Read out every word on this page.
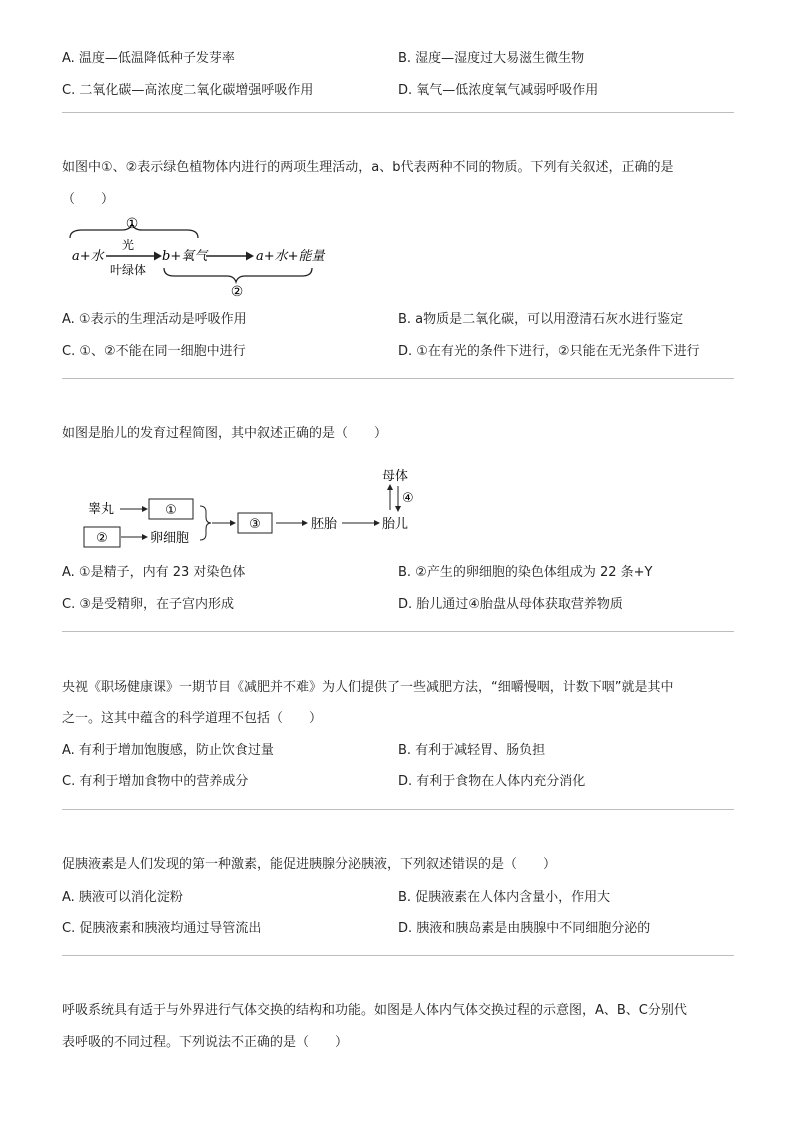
A. 温度—低温降低种子发芽率	B. 湿度—湿度过大易滋生微生物
C. 二氧化碳—高浓度二氧化碳增强呼吸作用	D. 氧气—低浓度氧气减弱呼吸作用
如图中①、②表示绿色植物体内进行的两项生理活动，a、b代表两种不同的物质。下列有关叙述，正确的是
（　　）
①
a+水
光
叶绿体
b+氧气	a+水+能量
②
A. ①表示的生理活动是呼吸作用	B. a物质是二氧化碳，可以用澄清石灰水进行鉴定
C. ①、②不能在同一细胞中进行	D. ①在有光的条件下进行，②只能在无光条件下进行
如图是胎儿的发育过程简图，其中叙述正确的是（　　）
睾丸	①
②	卵细胞
③	胚胎	胎儿
母体
④
A. ①是精子，内有 23 对染色体	B. ②产生的卵细胞的染色体组成为 22 条+Y
C. ③是受精卵，在子宫内形成	D. 胎儿通过④胎盘从母体获取营养物质
央视《职场健康课》一期节目《减肥并不难》为人们提供了一些减肥方法，“细嚼慢咽，计数下咽”就是其中
之一。这其中蕴含的科学道理不包括（　　）
A. 有利于增加饱腹感，防止饮食过量	B. 有利于减轻胃、肠负担
C. 有利于增加食物中的营养成分	D. 有利于食物在人体内充分消化
促胰液素是人们发现的第一种激素，能促进胰腺分泌胰液，下列叙述错误的是（　　）
A. 胰液可以消化淀粉	B. 促胰液素在人体内含量小，作用大
C. 促胰液素和胰液均通过导管流出	D. 胰液和胰岛素是由胰腺中不同细胞分泌的
呼吸系统具有适于与外界进行气体交换的结构和功能。如图是人体内气体交换过程的示意图，A、B、C分别代
表呼吸的不同过程。下列说法不正确的是（　　）
